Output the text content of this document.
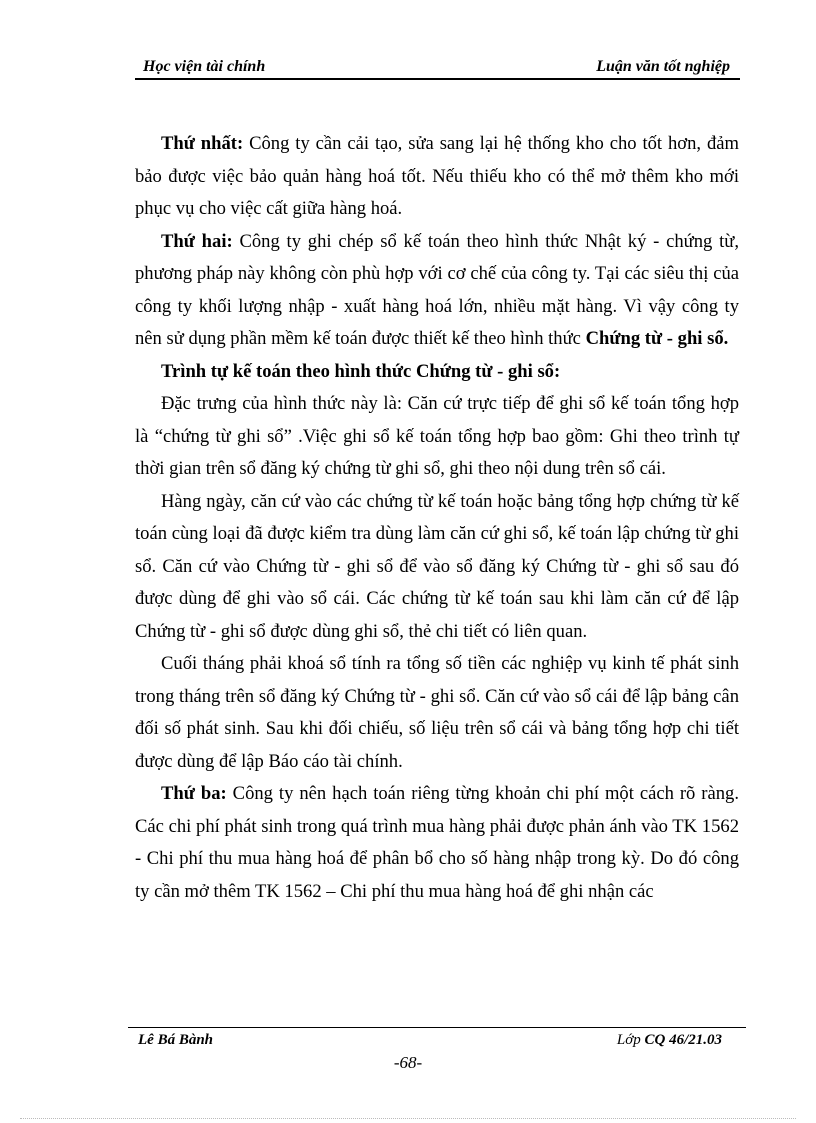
Học viện tài chính	Luận văn tốt nghiệp

Thứ nhất: Công ty cần cải tạo, sửa sang lại hệ thống kho cho tốt hơn, đảm bảo được việc bảo quản hàng hoá tốt. Nếu thiếu kho có thể mở thêm kho mới phục vụ cho việc cất giữa hàng hoá.

Thứ hai: Công ty ghi chép sổ kế toán theo hình thức Nhật ký - chứng từ, phương pháp này không còn phù hợp với cơ chế của công ty. Tại các siêu thị của công ty khối lượng nhập - xuất hàng hoá lớn, nhiều mặt hàng. Vì vậy công ty nên sử dụng phần mềm kế toán được thiết kế theo hình thức Chứng từ - ghi sổ.

Trình tự kế toán theo hình thức Chứng từ - ghi sổ:

Đặc trưng của hình thức này là: Căn cứ trực tiếp để ghi sổ kế toán tổng hợp là “chứng từ ghi sổ” .Việc ghi sổ kế toán tổng hợp bao gồm: Ghi theo trình tự thời gian trên sổ đăng ký chứng từ ghi sổ, ghi theo nội dung trên sổ cái.

Hàng ngày, căn cứ vào các chứng từ kế toán hoặc bảng tổng hợp chứng từ kế toán cùng loại đã được kiểm tra dùng làm căn cứ ghi sổ, kế toán lập chứng từ ghi sổ. Căn cứ vào Chứng từ - ghi sổ để vào sổ đăng ký Chứng từ - ghi sổ sau đó được dùng để ghi vào sổ cái. Các chứng từ kế toán sau khi làm căn cứ để lập Chứng từ - ghi sổ được dùng ghi sổ, thẻ chi tiết có liên quan.

Cuối tháng phải khoá sổ tính ra tổng số tiền các nghiệp vụ kinh tế phát sinh trong tháng trên sổ đăng ký Chứng từ - ghi sổ. Căn cứ vào sổ cái để lập bảng cân đối số phát sinh. Sau khi đối chiếu, số liệu trên sổ cái và bảng tổng hợp chi tiết được dùng để lập Báo cáo tài chính.

Thứ ba: Công ty nên hạch toán riêng từng khoản chi phí một cách rõ ràng. Các chi phí phát sinh trong quá trình mua hàng phải được phản ánh vào TK 1562 - Chi phí thu mua hàng hoá để phân bổ cho số hàng nhập trong kỳ. Do đó công ty cần mở thêm TK 1562 – Chi phí thu mua hàng hoá để ghi nhận các

Lê Bá Bành	Lớp CQ 46/21.03
-68-
